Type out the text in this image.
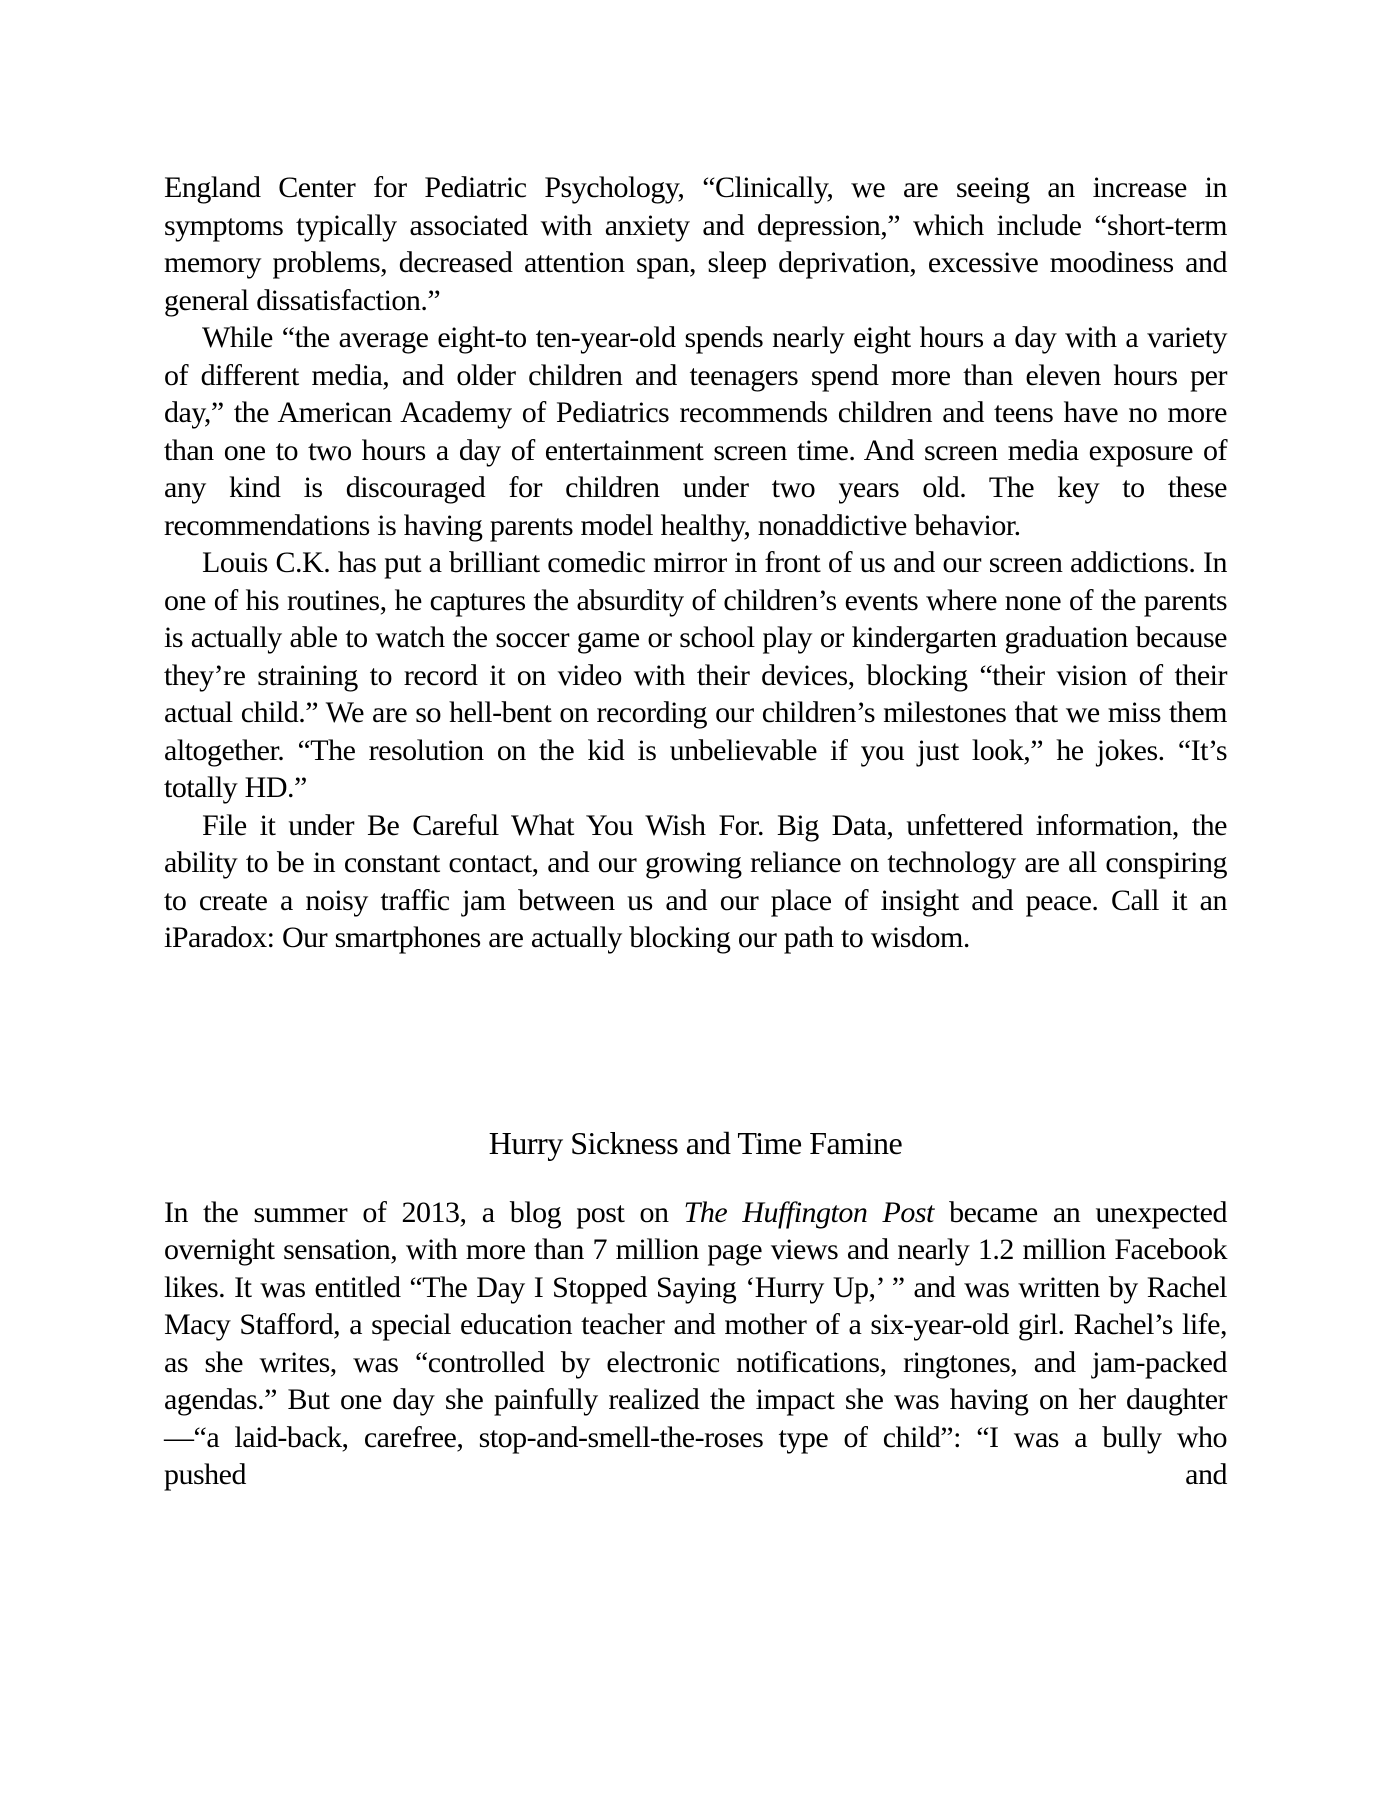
England Center for Pediatric Psychology, “Clinically, we are seeing an increase in symptoms typically associated with anxiety and depression,” which include “short-term memory problems, decreased attention span, sleep deprivation, excessive moodiness and general dissatisfaction.”

While “the average eight-to ten-year-old spends nearly eight hours a day with a variety of different media, and older children and teenagers spend more than eleven hours per day,” the American Academy of Pediatrics recommends children and teens have no more than one to two hours a day of entertainment screen time. And screen media exposure of any kind is discouraged for children under two years old. The key to these recommendations is having parents model healthy, nonaddictive behavior.

Louis C.K. has put a brilliant comedic mirror in front of us and our screen addictions. In one of his routines, he captures the absurdity of children’s events where none of the parents is actually able to watch the soccer game or school play or kindergarten graduation because they’re straining to record it on video with their devices, blocking “their vision of their actual child.” We are so hell-bent on recording our children’s milestones that we miss them altogether. “The resolution on the kid is unbelievable if you just look,” he jokes. “It’s totally HD.”

File it under Be Careful What You Wish For. Big Data, unfettered information, the ability to be in constant contact, and our growing reliance on technology are all conspiring to create a noisy traffic jam between us and our place of insight and peace. Call it an iParadox: Our smartphones are actually blocking our path to wisdom.

Hurry Sickness and Time Famine

In the summer of 2013, a blog post on The Huffington Post became an unexpected overnight sensation, with more than 7 million page views and nearly 1.2 million Facebook likes. It was entitled “The Day I Stopped Saying ‘Hurry Up,’ ” and was written by Rachel Macy Stafford, a special education teacher and mother of a six-year-old girl. Rachel’s life, as she writes, was “controlled by electronic notifications, ringtones, and jam-packed agendas.” But one day she painfully realized the impact she was having on her daughter—“a laid-back, carefree, stop-and-smell-the-roses type of child”: “I was a bully who pushed and
